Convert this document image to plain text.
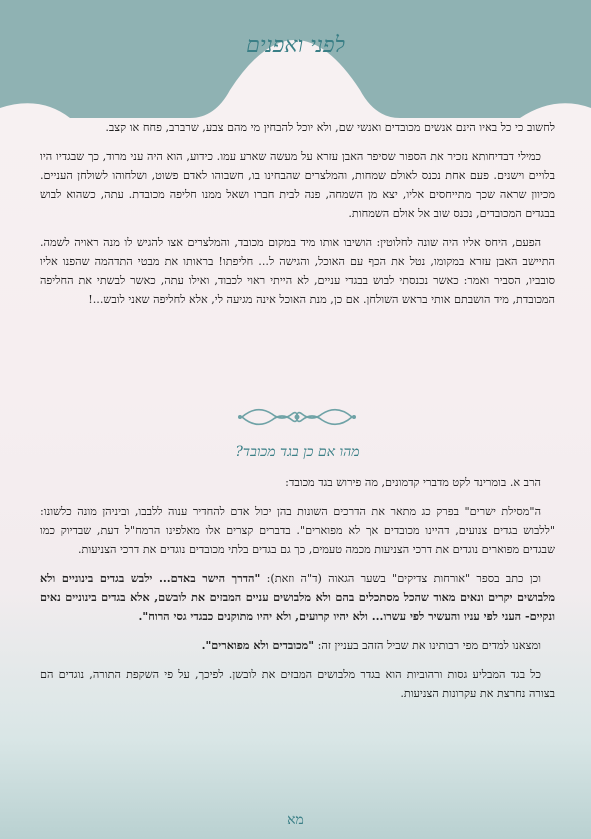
לפני ואפנים

לחשוב כי כל באיו הינם אנשים מכובדים ואנשי שם, ולא יוכל להבחין מי מהם צבע, שרברב, פחח או קצב.

כמילי דבדיחותא נזכיר את הספור שסיפר האבן עזרא על מעשה שארע עמו. כידוע, הוא היה עני מרוד, כך שבגדיו היו בלויים וישנים. פעם אחת נכנס לאולם שמחות, והמלצרים שהבחינו בו, חשבוהו לאדם פשוט, ושלחוהו לשולחן העניים. מכיוון שראה שכך מתייחסים אליו, יצא מן השמחה, פנה לבית חברו ושאל ממנו חליפה מכובדת. עתה, כשהוא לבוש בבגדים המכובדים, נכנס שוב אל אולם השמחות.

הפעם, היחס אליו היה שונה לחלוטין: הושיבו אותו מיד במקום מכובד, והמלצרים אצו להגיש לו מנה ראויה לשמה. התיישב האבן עזרא במקומו, נטל את הכף עם האוכל, והגישה ל... חליפתו! בראותו את מבטי התדהמה שהפנו אליו סובביו, הסביר ואמר: כאשר נכנסתי לבוש בבגדי עניים, לא הייתי ראוי לכבוד, ואילו עתה, כאשר לבשתי את החליפה המכובדת, מיד הושבתם אותי בראש השולחן. אם כן, מנת האוכל אינה מגיעה לי, אלא לחליפה שאני לובש...!

מהו אם כן בגד מכובד?

הרב א. בומרינד לקט מדברי קדמונים, מה פירוש בגד מכובד:

ה"מסילת ישרים" בפרק כג מתאר את הדרכים השונות בהן יכול אדם להחדיר ענוה ללבבו, וביניהן מונה כלשונו: "ללבוש בגדים צנועים, דהיינו מכובדים אך לא מפוארים". בדברים קצרים אלו מאלפינו הרמח"ל דעת, שבדיוק כמו שבגדים מפוארים נוגדים את דרכי הצניעות מכמה טעמים, כך גם בגדים בלתי מכובדים נוגדים את דרכי הצניעות.

וכן כתב בספר "אורחות צדיקים" בשער הגאוה (ד"ה וזאת): "הדרך הישר באדם... ילבש בגדים בינוניים ולא מלבושים יקרים ונאים מאוד שהכל מסתכלים בהם ולא מלבושים עניים המבזים את לובשם, אלא בגדים בינוניים נאים ונקיים- העני לפי עניו והעשיר לפי עשרו... ולא יהיו קרועים, ולא יהיו מתוקנים כבגדי גסי הרוח".

ומצאנו למדים מפי רבותינו את שביל הזהב בעניין זה: "מכובדים ולא מפוארים".

כל בגד המבליע גסות ורהוביות הוא בגדר מלבושים המבזים את לובשן. לפיכך, על פי השקפת התורה, נוגדים הם בצורה נחרצת את עקרונות הצניעות.

מא
